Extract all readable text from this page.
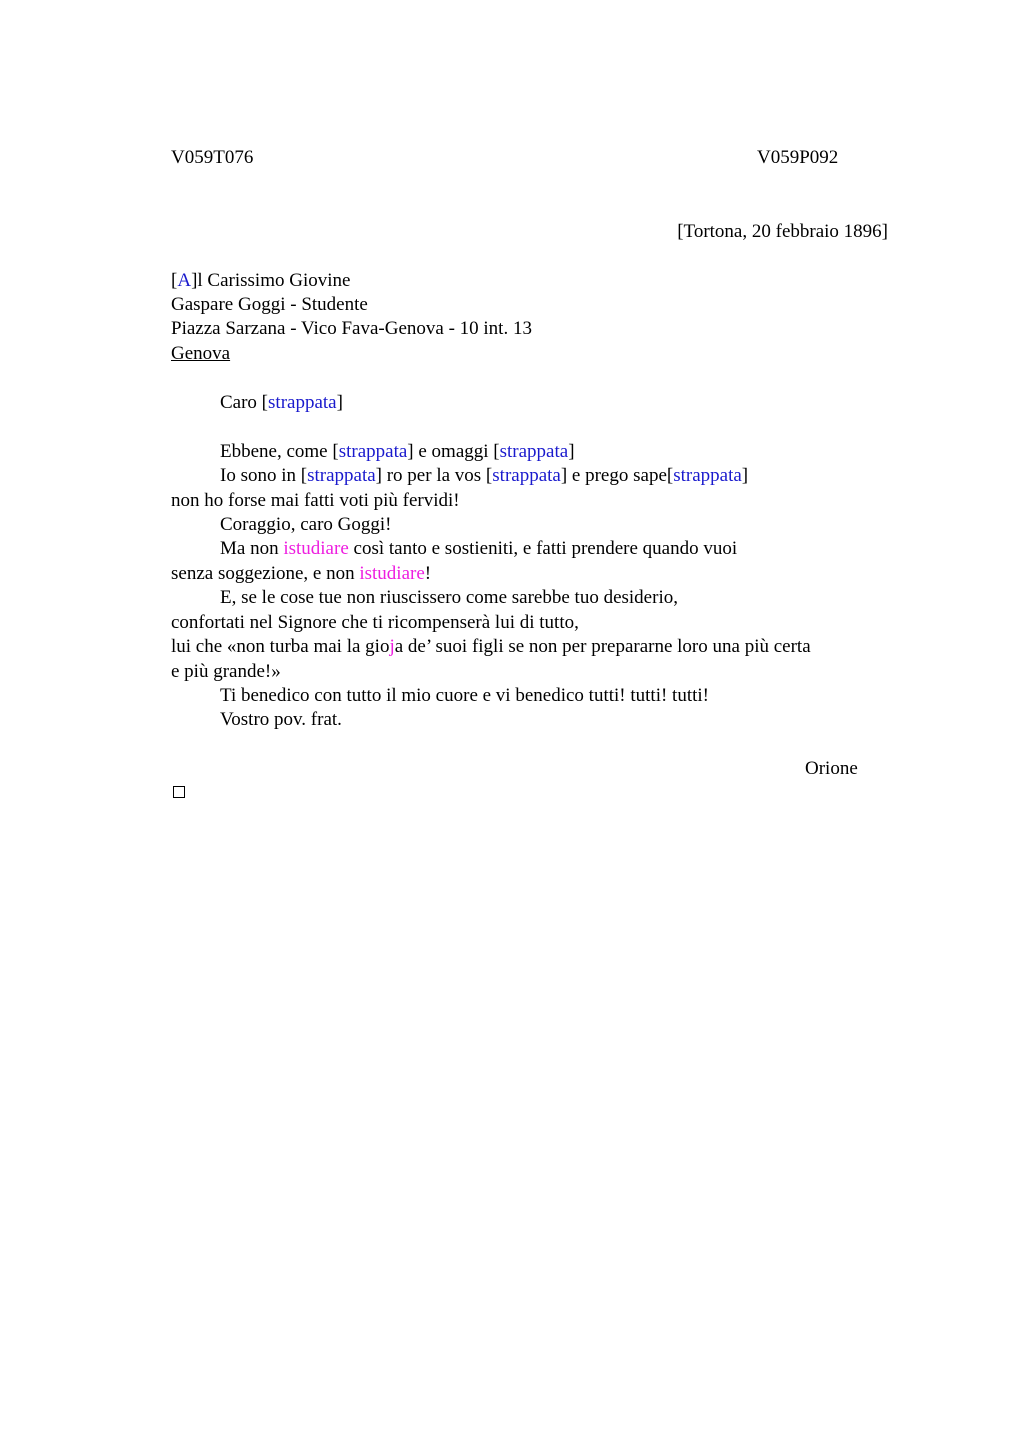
V059T076	V059P092
[Tortona, 20 febbraio 1896]
[A]l Carissimo Giovine
Gaspare Goggi - Studente
Piazza Sarzana - Vico Fava-Genova - 10 int. 13
Genova
Caro [strappata]
Ebbene, come [strappata] e omaggi [strappata]
Io sono in [strappata] ro per la vos [strappata] e prego sape[strappata]
non ho forse mai fatti voti più fervidi!
Coraggio, caro Goggi!
Ma non istudiare così tanto e sostieniti, e fatti prendere quando vuoi
senza soggezione, e non istudiare!
E, se le cose tue non riuscissero come sarebbe tuo desiderio,
confortati nel Signore che ti ricompenserà lui di tutto,
lui che «non turba mai la gioja de’ suoi figli se non per prepararne loro una più certa
e più grande!»
Ti benedico con tutto il mio cuore e vi benedico tutti! tutti! tutti!
Vostro pov. frat.
Orione
